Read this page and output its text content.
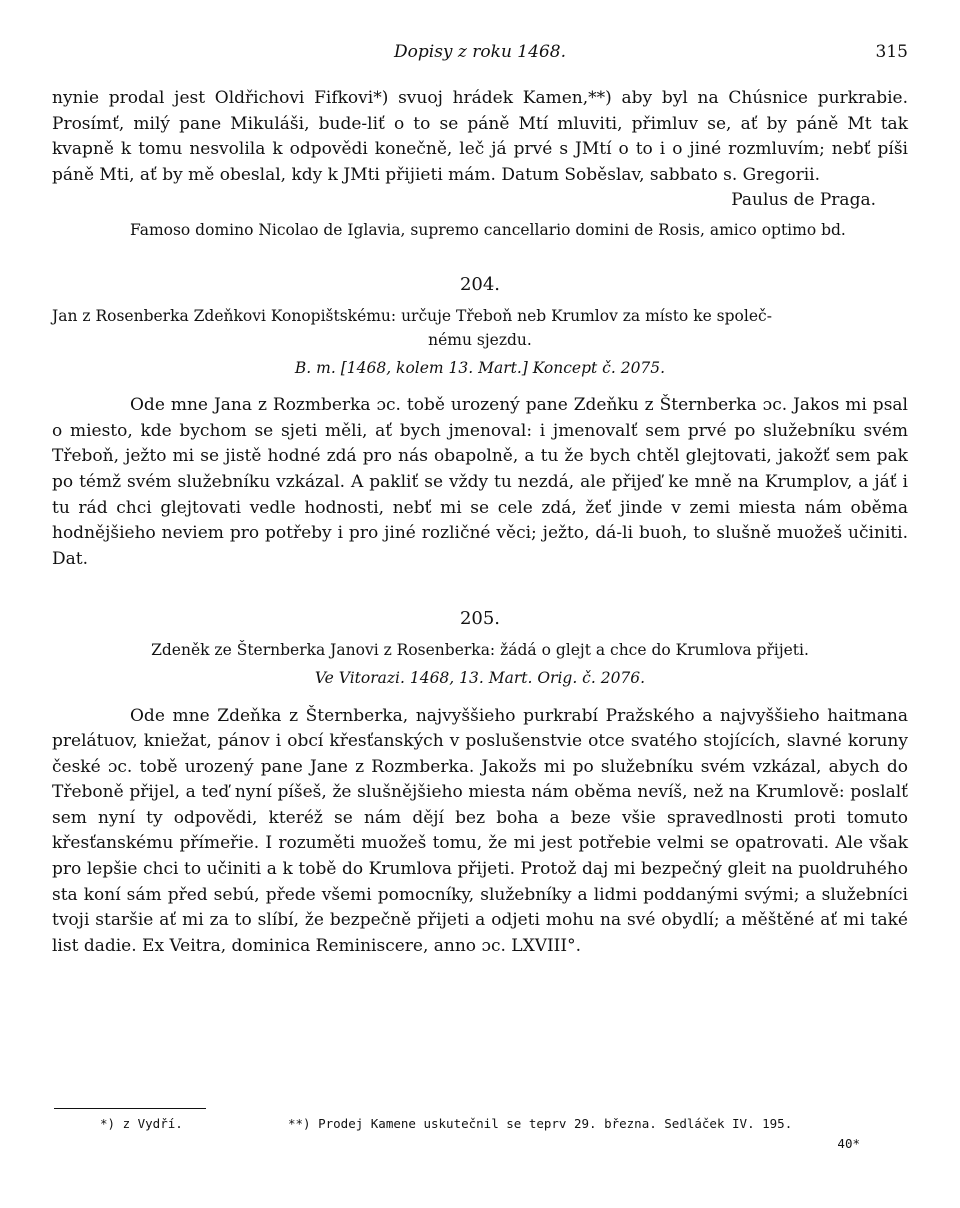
Dopisy z roku 1468.	315

nynie prodal jest Oldřichovi Fifkovi*) svuoj hrádek Kamen,**) aby byl na Chúsnice purkrabie. Prosímť, milý pane Mikuláši, bude-liť o to se páně Mtí mluviti, přimluv se, ať by páně Mt tak kvapně k tomu nesvolila k odpovědi konečně, leč já prvé s JMtí o to i o jiné rozmluvím; nebť píši páně Mti, ať by mě obeslal, kdy k JMti přijieti mám. Datum Soběslav, sabbato s. Gregorii.

Paulus de Praga.

Famoso domino Nicolao de Iglavia, supremo cancellario domini de Rosis, amico optimo bd.

204.

Jan z Rosenberka Zdeňkovi Konopištskému: určuje Třeboň neb Krumlov za místo ke společ-
nému sjezdu.

B. m. [1468, kolem 13. Mart.] Koncept č. 2075.

Ode mne Jana z Rozmberka ɔc. tobě urozený pane Zdeňku z Šternberka ɔc. Jakos mi psal o miesto, kde bychom se sjeti měli, ať bych jmenoval: i jmenovalť sem prvé po služebníku svém Třeboň, ježto mi se jistě hodné zdá pro nás obapolně, a tu že bych chtěl glejtovati, jakožť sem pak po témž svém služebníku vzkázal. A pakliť se vždy tu nezdá, ale přijeď ke mně na Krumplov, a jáť i tu rád chci glejtovati vedle hodnosti, nebť mi se cele zdá, žeť jinde v zemi miesta nám oběma hodnějšieho neviem pro potřeby i pro jiné rozličné věci; ježto, dá-li buoh, to slušně muožeš učiniti. Dat.

205.

Zdeněk ze Šternberka Janovi z Rosenberka: žádá o glejt a chce do Krumlova přijeti.

Ve Vitorazi. 1468, 13. Mart. Orig. č. 2076.

Ode mne Zdeňka z Šternberka, najvyššieho purkrabí Pražského a najvyššieho haitmana prelátuov, kniežat, pánov i obcí křesťanských v poslušenstvie otce svatého stojících, slavné koruny české ɔc. tobě urozený pane Jane z Rozmberka. Jakožs mi po služebníku svém vzkázal, abych do Třeboně přijel, a teď nyní píšeš, že slušnějšieho miesta nám oběma nevíš, než na Krumlově: poslalť sem nyní ty odpovědi, kteréž se nám dějí bez boha a beze všie spravedlnosti proti tomuto křesťanskému přímeřie. I rozuměti muožeš tomu, že mi jest potřebie velmi se opatrovati. Ale však pro lepšie chci to učiniti a k tobě do Krumlova přijeti. Protož daj mi bezpečný gleit na puoldruhého sta koní sám před sebú, přede všemi pomocníky, služebníky a lidmi poddanými svými; a služebníci tvoji staršie ať mi za to slíbí, že bezpečně přijeti a odjeti mohu na své obydlí; a měštěné ať mi také list dadie. Ex Veitra, dominica Reminiscere, anno ɔc. LXVIII°.

*) z Vydří.	**) Prodej Kamene uskutečnil se teprv 29. března. Sedláček IV. 195.
40*
